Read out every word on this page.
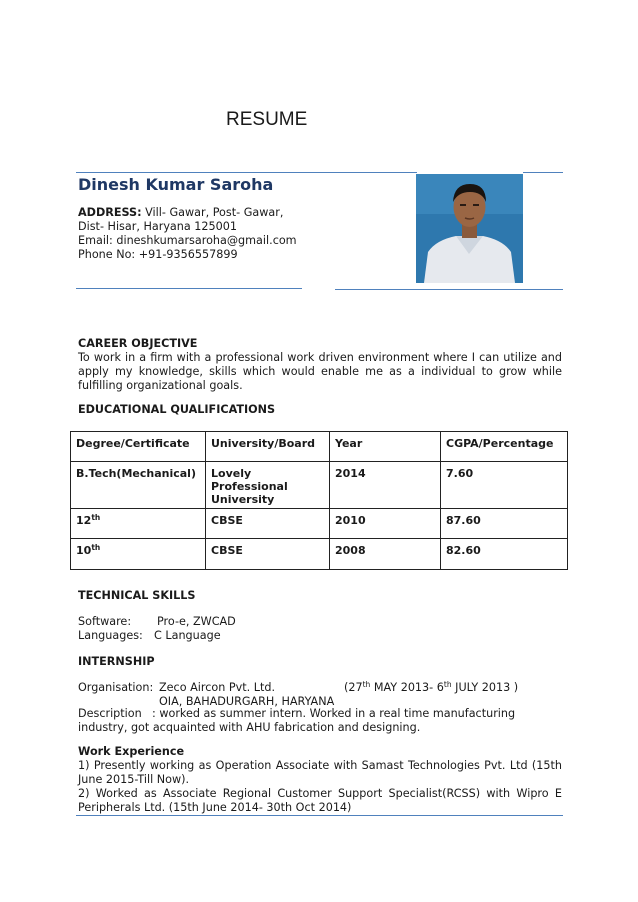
RESUME
Dinesh Kumar Saroha
ADDRESS: Vill- Gawar, Post- Gawar,
Dist- Hisar, Haryana 125001
Email: dineshkumarsaroha@gmail.com
Phone No: +91-9356557899
CAREER OBJECTIVE
To work in a firm with a professional work driven environment where I can utilize and apply my knowledge, skills which would enable me as a individual to grow while fulfilling organizational goals.
EDUCATIONAL QUALIFICATIONS
Degree/Certificate	University/Board	Year	CGPA/Percentage
B.Tech(Mechanical)	Lovely Professional University	2014	7.60
12th	CBSE	2010	87.60
10th	CBSE	2008	82.60
TECHNICAL SKILLS
Software: Pro-e, ZWCAD
Languages: C Language
INTERNSHIP
Organisation: Zeco Aircon Pvt. Ltd.	(27th MAY 2013- 6th JULY 2013 )
OIA, BAHADURGARH, HARYANA
Description : worked as summer intern. Worked in a real time manufacturing
industry, got acquainted with AHU fabrication and designing.
Work Experience
1) Presently working as Operation Associate with Samast Technologies Pvt. Ltd (15th June 2015-Till Now).
2) Worked as Associate Regional Customer Support Specialist(RCSS) with Wipro E Peripherals Ltd. (15th June 2014- 30th Oct 2014)
